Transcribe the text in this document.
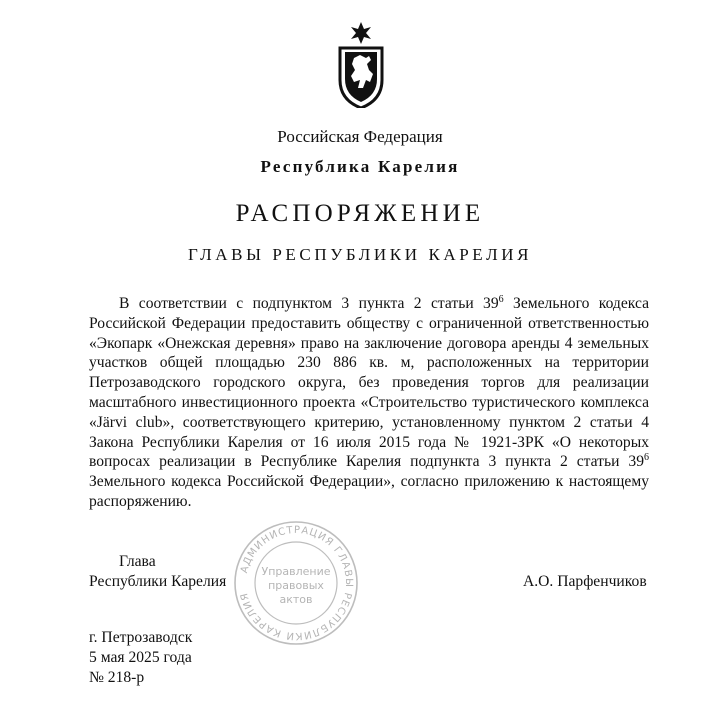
Российская Федерация
Республика Карелия
РАСПОРЯЖЕНИЕ
ГЛАВЫ РЕСПУБЛИКИ КАРЕЛИЯ
В соответствии с подпунктом 3 пункта 2 статьи $39^6$ Земельного кодекса Российской Федерации предоставить обществу с ограниченной ответственностью «Экопарк «Онежская деревня» право на заключение договора аренды 4 земельных участков общей площадью 230 886 кв. м, расположенных на территории Петрозаводского городского округа, без проведения торгов для реализации масштабного инвестиционного проекта «Строительство туристического комплекса «Järvi club», соответствующего критерию, установленному пунктом 2 статьи 4 Закона Республики Карелия от 16 июля 2015 года № 1921-ЗРК «О некоторых вопросах реализации в Республике Карелия подпункта 3 пункта 2 статьи $39^6$ Земельного кодекса Российской Федерации», согласно приложению к настоящему распоряжению.
АДМИНИСТРАЦИЯ ГЛАВЫ РЕСПУБЛИКИ КАРЕЛИЯ
Управление
правовых
актов
Глава
Республики Карелия	А.О. Парфенчиков
г. Петрозаводск
5 мая 2025 года
№ 218-р
